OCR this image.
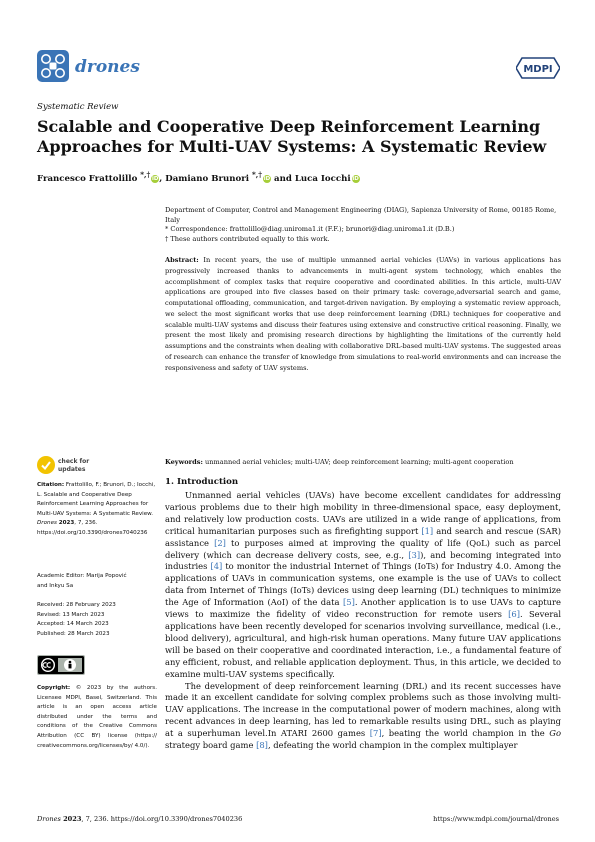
drones	MDPI
Systematic Review
Scalable and Cooperative Deep Reinforcement Learning Approaches for Multi-UAV Systems: A Systematic Review
Francesco Frattolillo *,† iD, Damiano Brunori *,† iD and Luca Iocchi iD
Department of Computer, Control and Management Engineering (DIAG), Sapienza University of Rome, 00185 Rome, Italy
* Correspondence: frattolillo@diag.uniroma1.it (F.F.); brunori@diag.uniroma1.it (D.B.)
† These authors contributed equally to this work.
Abstract: In recent years, the use of multiple unmanned aerial vehicles (UAVs) in various applications has progressively increased thanks to advancements in multi-agent system technology, which enables the accomplishment of complex tasks that require cooperative and coordinated abilities. In this article, multi-UAV applications are grouped into five classes based on their primary task: coverage,adversarial search and game, computational offloading, communication, and target-driven navigation. By employing a systematic review approach, we select the most significant works that use deep reinforcement learning (DRL) techniques for cooperative and scalable multi-UAV systems and discuss their features using extensive and constructive critical reasoning. Finally, we present the most likely and promising research directions by highlighting the limitations of the currently held assumptions and the constraints when dealing with collaborative DRL-based multi-UAV systems. The suggested areas of research can enhance the transfer of knowledge from simulations to real-world environments and can increase the responsiveness and safety of UAV systems.
Keywords: unmanned aerial vehicles; multi-UAV; deep reinforcement learning; multi-agent cooperation
check for
updates
Citation: Frattolillo, F.; Brunori, D.; Iocchi, L. Scalable and Cooperative Deep Reinforcement Learning Approaches for Multi-UAV Systems: A Systematic Review. Drones 2023, 7, 236. https://doi.org/10.3390/drones7040236
Academic Editor: Marija Popović
and Inkyu Sa
Received: 28 February 2023
Revised: 13 March 2023
Accepted: 14 March 2023
Published: 28 March 2023
Copyright: © 2023 by the authors. Licensee MDPI, Basel, Switzerland. This article is an open access article distributed under the terms and conditions of the Creative Commons Attribution (CC BY) license (https:// creativecommons.org/licenses/by/ 4.0/).
1. Introduction

Unmanned aerial vehicles (UAVs) have become excellent candidates for addressing various problems due to their high mobility in three-dimensional space, easy deployment, and relatively low production costs. UAVs are utilized in a wide range of applications, from critical humanitarian purposes such as firefighting support [1] and search and rescue (SAR) assistance [2] to purposes aimed at improving the quality of life (QoL) such as parcel delivery (which can decrease delivery costs, see, e.g., [3]), and becoming integrated into industries [4] to monitor the industrial Internet of Things (IoTs) for Industry 4.0. Among the applications of UAVs in communication systems, one example is the use of UAVs to collect data from Internet of Things (IoTs) devices using deep learning (DL) techniques to minimize the Age of Information (AoI) of the data [5]. Another application is to use UAVs to capture views to maximize the fidelity of video reconstruction for remote users [6]. Several applications have been recently developed for scenarios involving surveillance, medical (i.e., blood delivery), agricultural, and high-risk human operations. Many future UAV applications will be based on their cooperative and coordinated interaction, i.e., a fundamental feature of any efficient, robust, and reliable application deployment. Thus, in this article, we decided to examine multi-UAV systems specifically.

The development of deep reinforcement learning (DRL) and its recent successes have made it an excellent candidate for solving complex problems such as those involving multi-UAV applications. The increase in the computational power of modern machines, along with recent advances in deep learning, has led to remarkable results using DRL, such as playing at a superhuman level.In ATARI 2600 games [7], beating the world champion in the Go strategy board game [8], defeating the world champion in the complex multiplayer

Drones 2023, 7, 236. https://doi.org/10.3390/drones7040236	https://www.mdpi.com/journal/drones
